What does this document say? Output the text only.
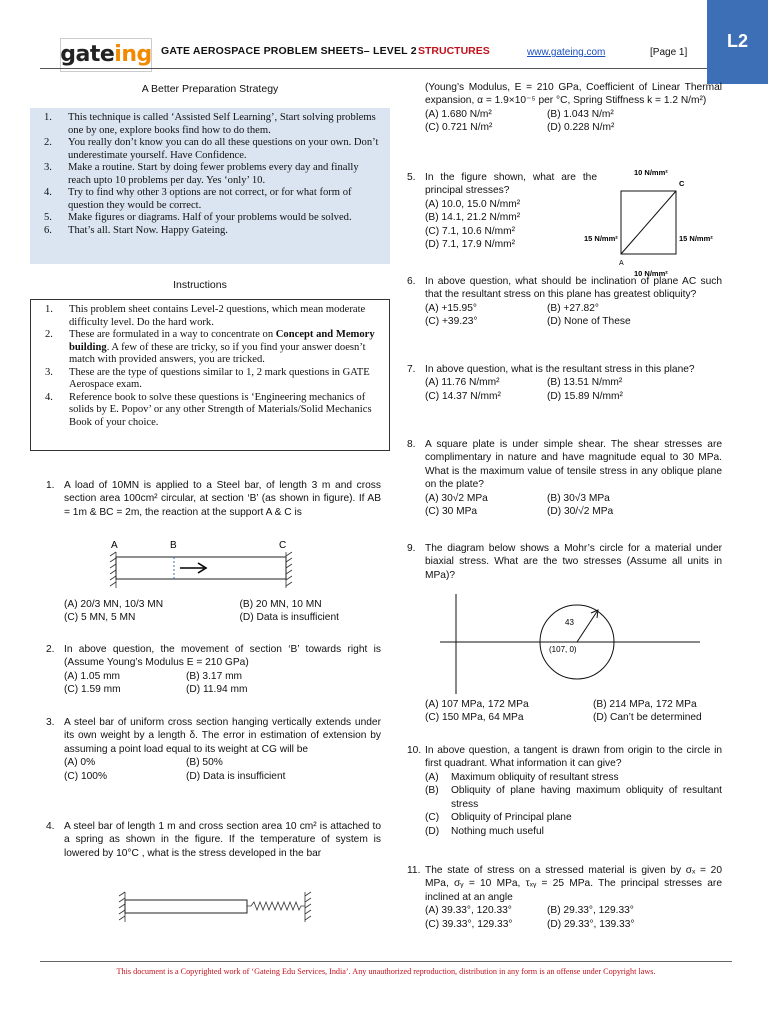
gate ing GATE AEROSPACE PROBLEM SHEETS– LEVEL 2 STRUCTURES	www.gateing.com	[Page 1]
L2
A Better Preparation Strategy
1.	This technique is called ‘Assisted Self Learning’, Start solving problems one by one, explore books find how to do them.
2.	You really don’t know you can do all these questions on your own. Don’t underestimate yourself. Have Confidence.
3.	Make a routine. Start by doing fewer problems every day and finally reach upto 10 problems per day. Yes ‘only’ 10.
4.	Try to find why other 3 options are not correct, or for what form of question they would be correct.
5.	Make figures or diagrams. Half of your problems would be solved.
6.	That’s all. Start Now. Happy Gateing.
Instructions
1.	This problem sheet contains Level-2 questions, which mean moderate difficulty level. Do the hard work.
2.	These are formulated in a way to concentrate on Concept and Memory building. A few of these are tricky, so if you find your answer doesn’t match with provided answers, you are tricked.
3.	These are the type of questions similar to 1, 2 mark questions in GATE Aerospace exam.
4.	Reference book to solve these questions is ‘Engineering mechanics of solids by E. Popov’ or any other Strength of Materials/Solid Mechanics Book of your choice.
1. A load of 10MN is applied to a Steel bar, of length 3 m and cross section area 100cm² circular, at section ‘B’ (as shown in figure). If AB = 1m & BC = 2m, the reaction at the support A & C is
A	B	C
(A) 20/3 MN, 10/3 MN	(B) 20 MN, 10 MN
(C) 5 MN, 5 MN	(D) Data is insufficient
2. In above question, the movement of section ‘B’ towards right is (Assume Young’s Modulus E = 210 GPa)
(A) 1.05 mm	(B) 3.17 mm
(C) 1.59 mm	(D) 11.94 mm
3. A steel bar of uniform cross section hanging vertically extends under its own weight by a length δ. The error in estimation of extension by assuming a point load equal to its weight at CG will be
(A) 0%	(B) 50%
(C) 100%	(D) Data is insufficient
4. A steel bar of length 1 m and cross section area 10 cm² is attached to a spring as shown in the figure. If the temperature of system is lowered by 10°C , what is the stress developed in the bar
(Young’s Modulus, E = 210 GPa, Coefficient of Linear Thermal expansion, α = 1.9×10⁻⁵ per °C, Spring Stiffness k = 1.2 N/m²)
(A) 1.680 N/m²	(B) 1.043 N/m²
(C) 0.721 N/m²	(D) 0.228 N/m²
5. In the figure shown, what are the principal stresses?
(A) 10.0, 15.0 N/mm²
(B) 14.1, 21.2 N/mm²
(C) 7.1, 10.6 N/mm²
(D) 7.1, 17.9 N/mm²
10 N/mm²
C
A
15 N/mm²	15 N/mm²
10 N/mm²
6. In above question, what should be inclination of plane AC such that the resultant stress on this plane has greatest obliquity?
(A) +15.95°	(B) +27.82°
(C) +39.23°	(D) None of These
7. In above question, what is the resultant stress in this plane?
(A) 11.76 N/mm²	(B) 13.51 N/mm²
(C) 14.37 N/mm²	(D) 15.89 N/mm²
8. A square plate is under simple shear. The shear stresses are complimentary in nature and have magnitude equal to 30 MPa. What is the maximum value of tensile stress in any oblique plane on the plate?
(A) 30√2 MPa	(B) 30√3 MPa
(C) 30 MPa	(D) 30/√2 MPa
9. The diagram below shows a Mohr’s circle for a material under biaxial stress. What are the two stresses (Assume all units in MPa)?
43
(107, 0)
(A) 107 MPa, 172 MPa	(B) 214 MPa, 172 MPa
(C) 150 MPa, 64 MPa	(D) Can’t be determined
10. In above question, a tangent is drawn from origin to the circle in first quadrant. What information it can give?
(A)	Maximum obliquity of resultant stress
(B)	Obliquity of plane having maximum obliquity of resultant stress
(C)	Obliquity of Principal plane
(D)	Nothing much useful
11. The state of stress on a stressed material is given by σₓ = 20 MPa, σᵧ = 10 MPa, τₓᵧ = 25 MPa. The principal stresses are inclined at an angle
(A) 39.33°, 120.33°	(B) 29.33°, 129.33°
(C) 39.33°, 129.33°	(D) 29.33°, 139.33°
This document is a Copyrighted work of ‘Gateing Edu Services, India’. Any unauthorized reproduction, distribution in any form is an offense under Copyright laws.
